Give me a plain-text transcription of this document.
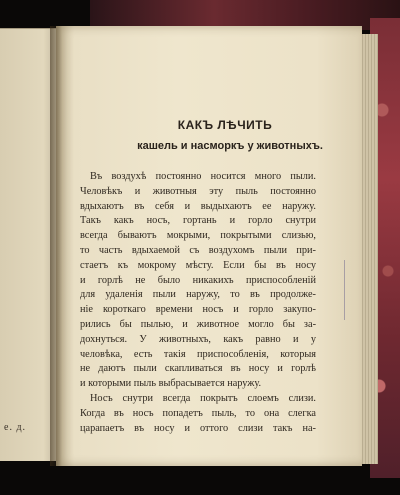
е. д.
КАКЪ ЛѢЧИТЬ
кашель и насморкъ у животныхъ.
Въ воздухѣ постоянно носится много пыли.
Человѣкъ и животныя эту пыль постоянно
вдыхаютъ въ себя и выдыхаютъ ее наружу.
Такъ какъ носъ, гортань и горло снутри
всегда бываютъ мокрыми, покрытыми слизью,
то часть вдыхаемой съ воздухомъ пыли при-
стаетъ къ мокрому мѣсту. Если бы въ носу
и горлѣ не было никакихъ приспособленій
для удаленія пыли наружу, то въ продолже-
ніе короткаго времени носъ и горло закупо-
рились бы пылью, и животное могло бы за-
дохнуться. У животныхъ, какъ равно и у
человѣка, есть такія приспособленія, которыя
не даютъ пыли скапливаться въ носу и горлѣ
и которыми пыль выбрасывается наружу.
Носъ снутри всегда покрытъ слоемъ слизи.
Когда въ носъ попадетъ пыль, то она слегка
царапаетъ въ носу и оттого слизи такъ на-
